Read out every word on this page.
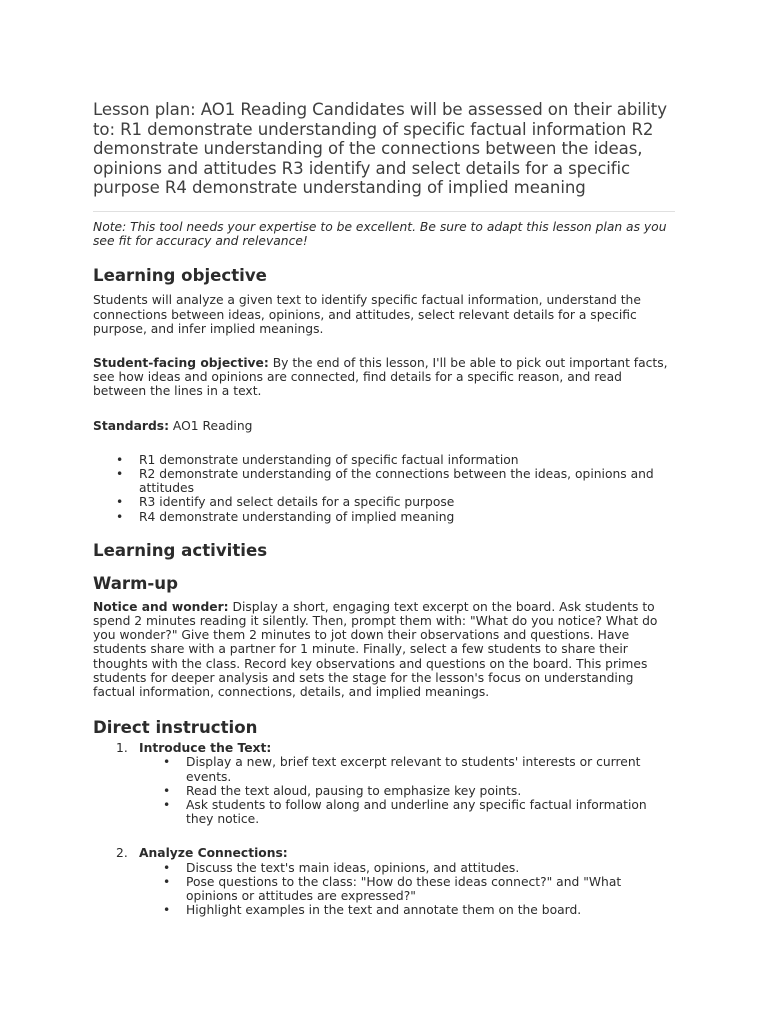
Lesson plan: AO1 Reading Candidates will be assessed on their ability to: R1 demonstrate understanding of specific factual information R2 demonstrate understanding of the connections between the ideas, opinions and attitudes R3 identify and select details for a specific purpose R4 demonstrate understanding of implied meaning

Note: This tool needs your expertise to be excellent. Be sure to adapt this lesson plan as you see fit for accuracy and relevance!

Learning objective

Students will analyze a given text to identify specific factual information, understand the connections between ideas, opinions, and attitudes, select relevant details for a specific purpose, and infer implied meanings.

Student-facing objective: By the end of this lesson, I'll be able to pick out important facts, see how ideas and opinions are connected, find details for a specific reason, and read between the lines in a text.

Standards: AO1 Reading

• R1 demonstrate understanding of specific factual information
• R2 demonstrate understanding of the connections between the ideas, opinions and attitudes
• R3 identify and select details for a specific purpose
• R4 demonstrate understanding of implied meaning
Learning activities
Warm-up

Notice and wonder: Display a short, engaging text excerpt on the board. Ask students to spend 2 minutes reading it silently. Then, prompt them with: "What do you notice? What do you wonder?" Give them 2 minutes to jot down their observations and questions. Have students share with a partner for 1 minute. Finally, select a few students to share their thoughts with the class. Record key observations and questions on the board. This primes students for deeper analysis and sets the stage for the lesson's focus on understanding factual information, connections, details, and implied meanings.

Direct instruction
1. Introduce the Text:
• Display a new, brief text excerpt relevant to students' interests or current events.
• Read the text aloud, pausing to emphasize key points.
• Ask students to follow along and underline any specific factual information they notice.
2. Analyze Connections:
• Discuss the text's main ideas, opinions, and attitudes.
• Pose questions to the class: "How do these ideas connect?" and "What opinions or attitudes are expressed?"
• Highlight examples in the text and annotate them on the board.
